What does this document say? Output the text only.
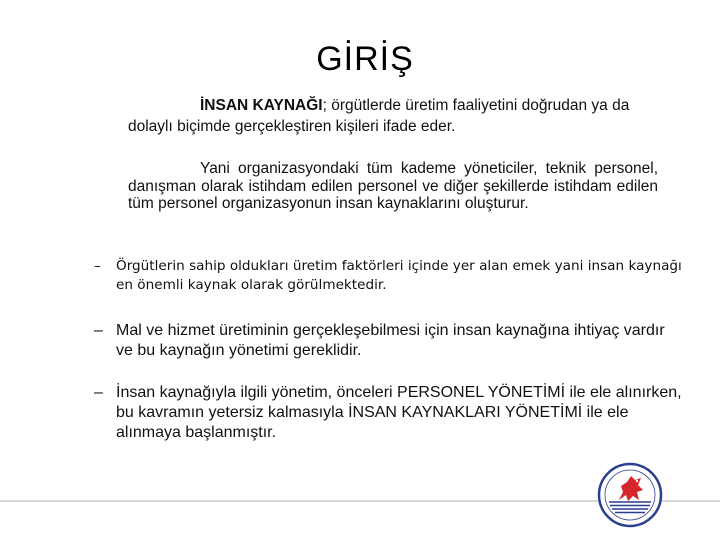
GİRİŞ
İNSAN KAYNAĞI; örgütlerde üretim faaliyetini doğrudan ya da dolaylı biçimde gerçekleştiren kişileri ifade eder.
Yani organizasyondaki tüm kademe yöneticiler, teknik personel, danışman olarak istihdam edilen personel ve diğer şekillerde istihdam edilen tüm personel organizasyonun insan kaynaklarını oluşturur.
–	Örgütlerin sahip oldukları üretim faktörleri içinde yer alan emek yani insan kaynağı en önemli kaynak olarak görülmektedir.
– Mal ve hizmet üretiminin gerçekleşebilmesi için insan kaynağına ihtiyaç vardır ve bu kaynağın yönetimi gereklidir.
– İnsan kaynağıyla ilgili yönetim, önceleri PERSONEL YÖNETİMİ ile ele alınırken, bu kavramın yetersiz kalmasıyla İNSAN KAYNAKLARI YÖNETİMİ ile ele alınmaya başlanmıştır.
